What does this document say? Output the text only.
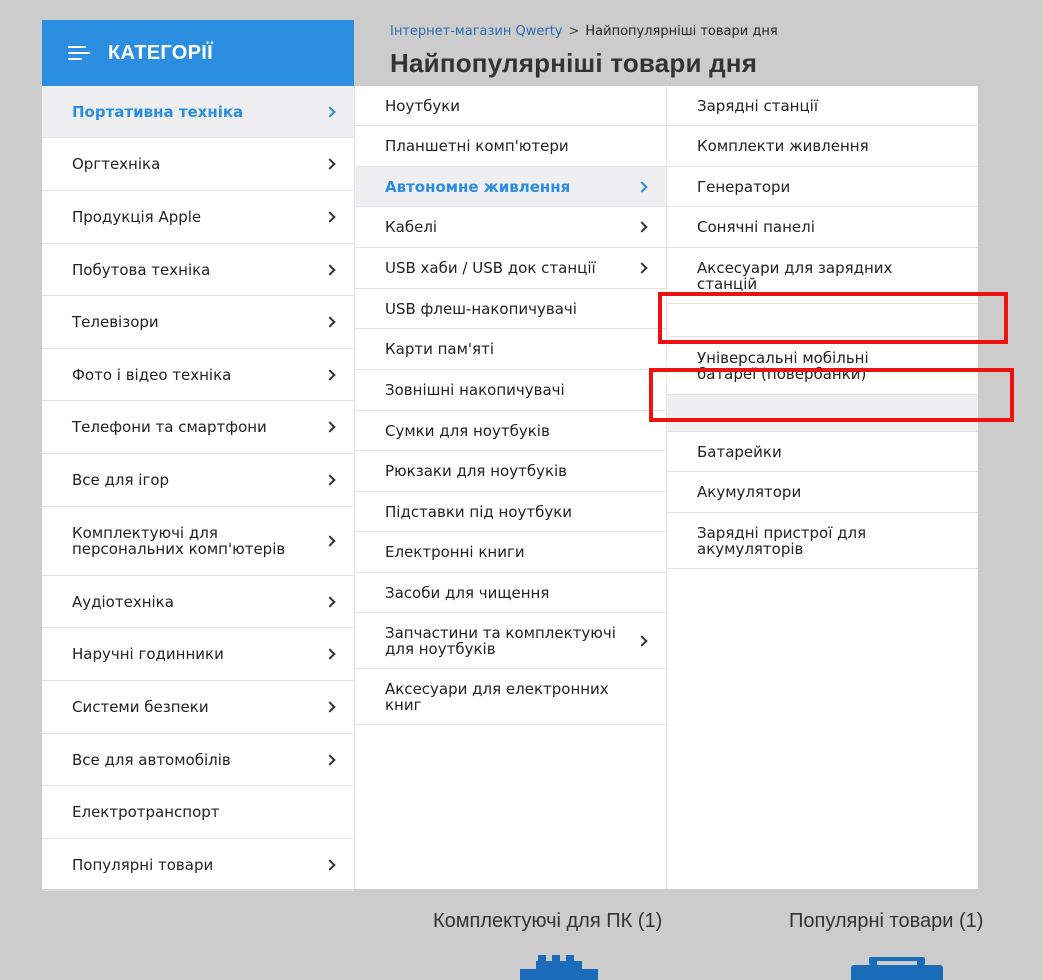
Інтернет-магазин Qwerty > Найпопулярніші товари дня
Найпопулярніші товари дня
КАТЕГОРІЇ
Портативна техніка
Оргтехніка
Продукція Apple
Побутова техніка
Телевізори
Фото і відео техніка
Телефони та смартфони
Все для ігор
Комплектуючі для персональних комп'ютерів
Аудіотехніка
Наручні годинники
Системи безпеки
Все для автомобілів
Електротранспорт
Популярні товари
Ноутбуки
Планшетні комп'ютери
Автономне живлення
Кабелі
USB хаби / USB док станції
USB флеш-накопичувачі
Карти пам'яті
Зовнішні накопичувачі
Сумки для ноутбуків
Рюкзаки для ноутбуків
Підставки під ноутбуки
Електронні книги
Засоби для чищення
Запчастини та комплектуючі для ноутбуків
Аксесуари для електронних книг
Зарядні станції
Комплекти живлення
Генератори
Сонячні панелі
Аксесуари для зарядних станцій
Універсальні мобільні батареї (повербанки)
Батарейки
Акумулятори
Зарядні пристрої для акумуляторів
Комплектуючі для ПК (1)	Популярні товари (1)
